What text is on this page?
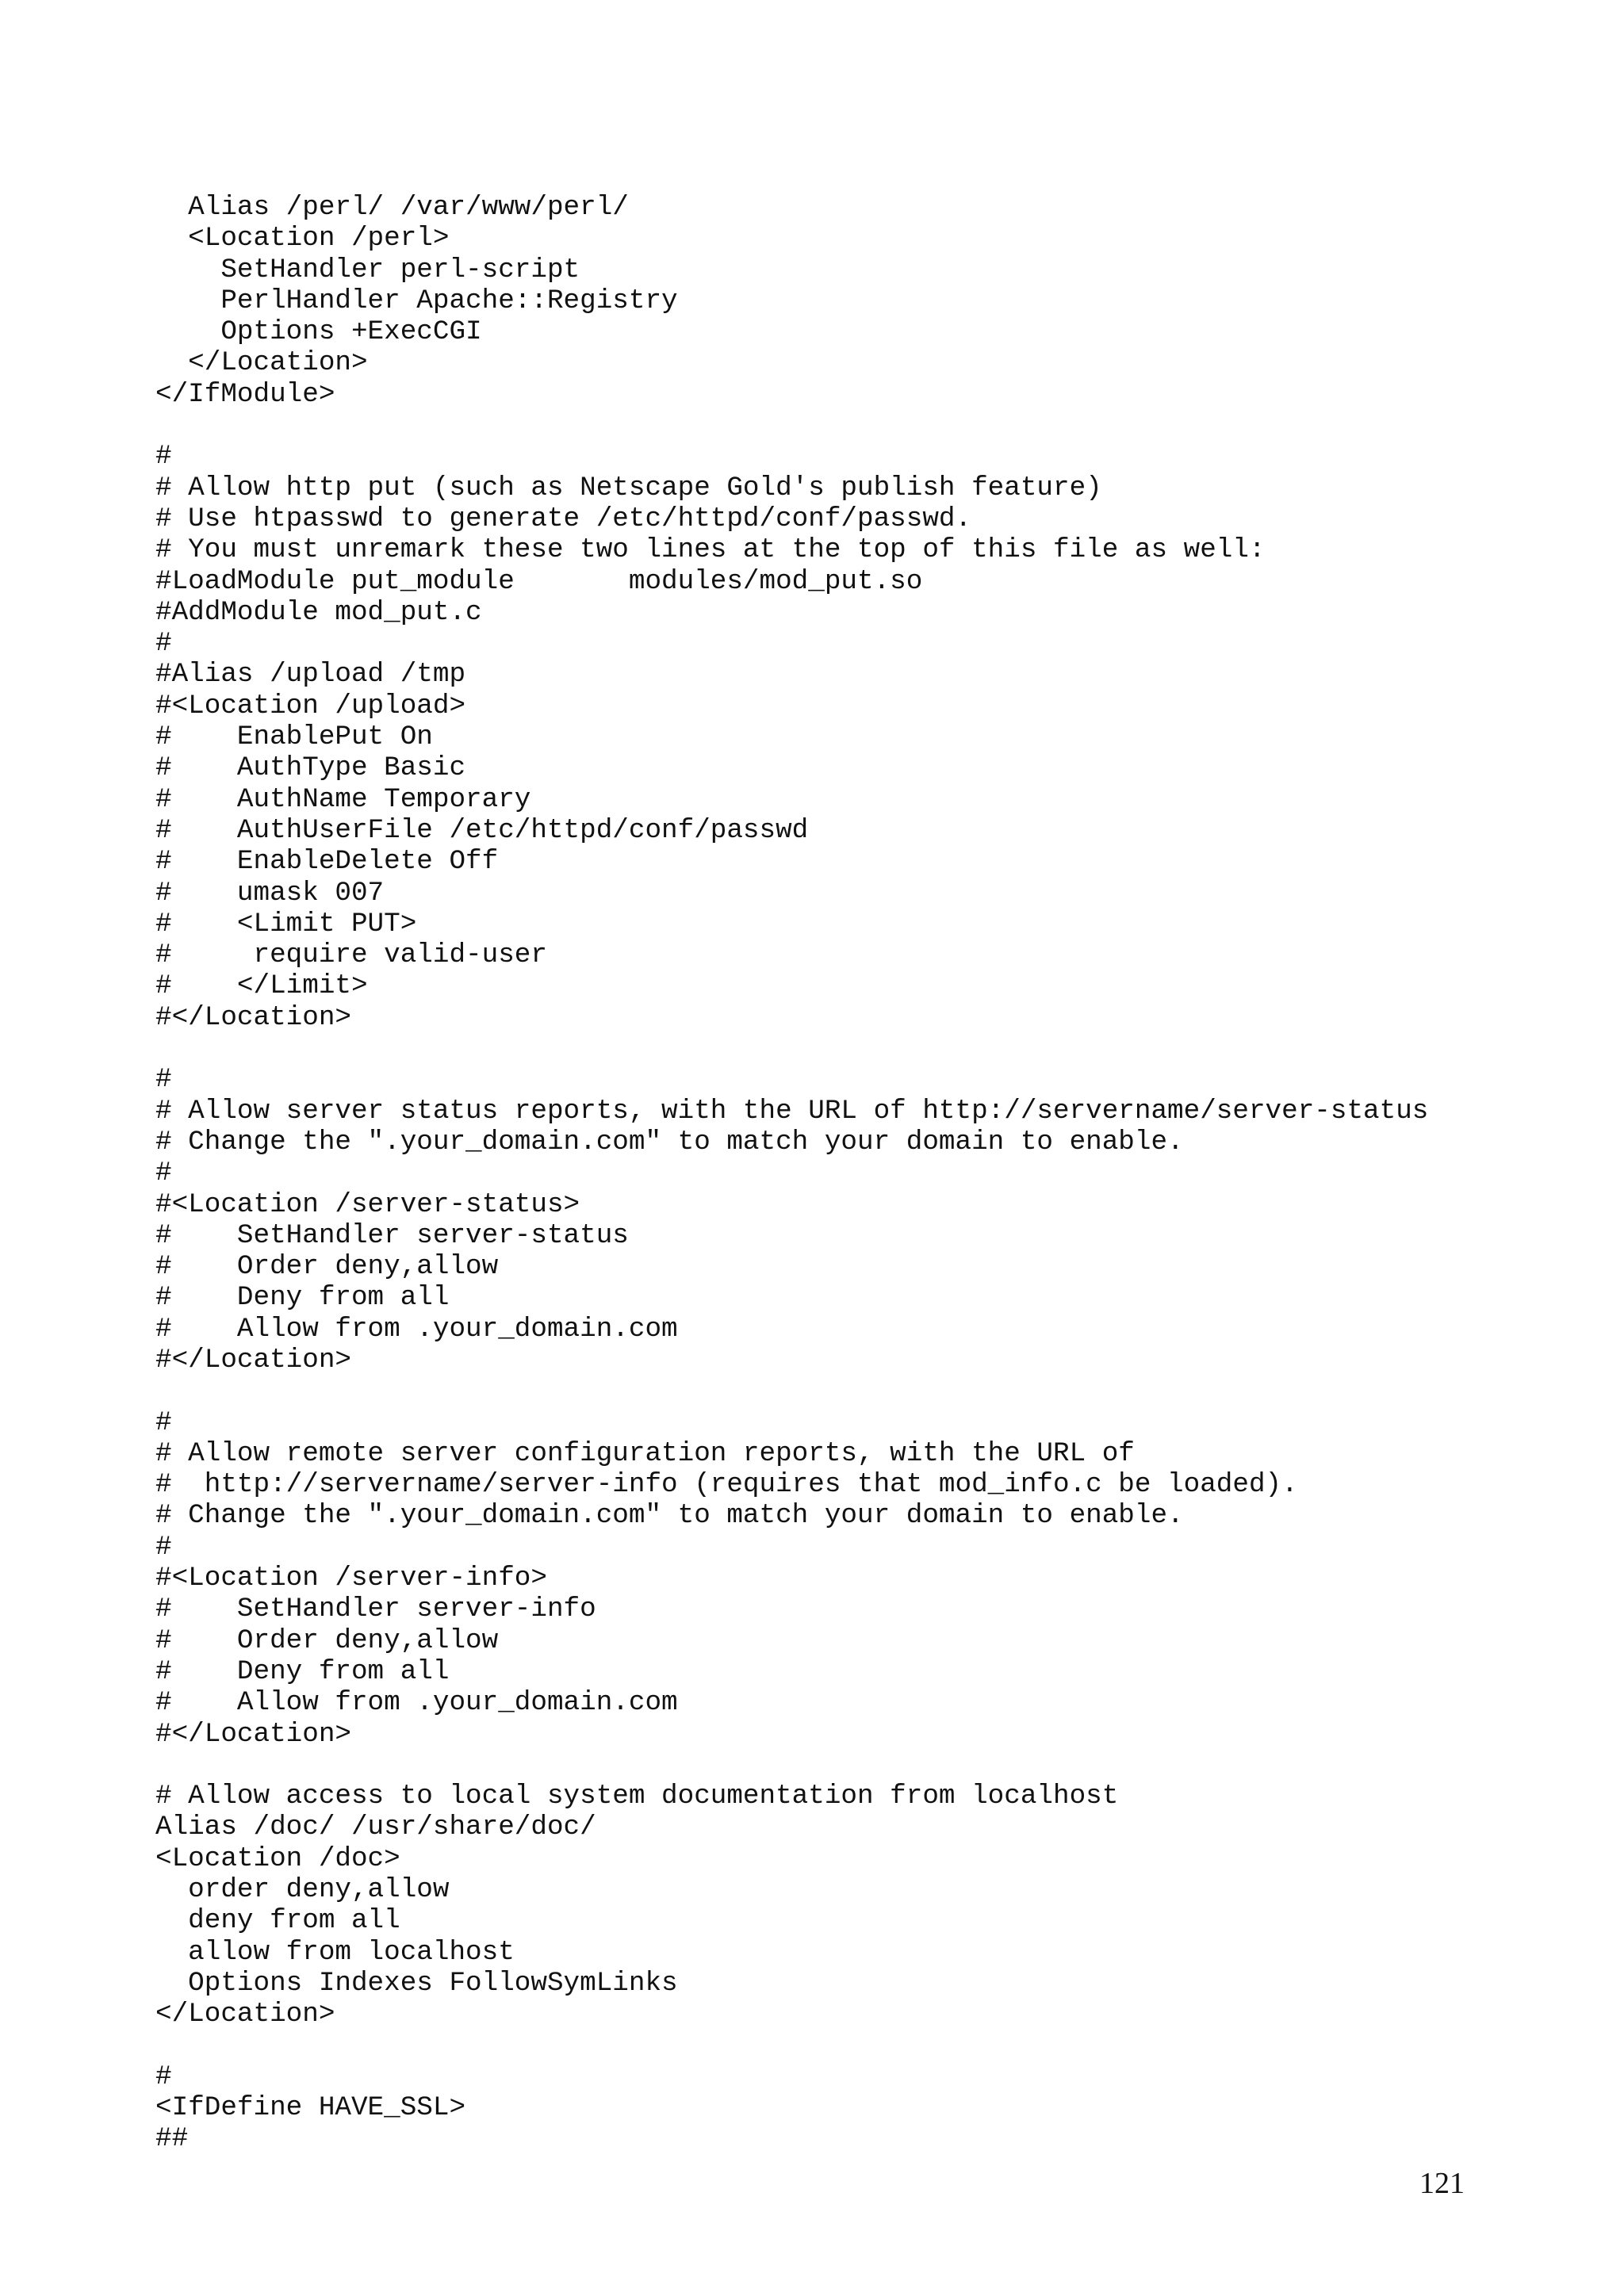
Alias /perl/ /var/www/perl/
<Location /perl>
SetHandler perl-script
PerlHandler Apache::Registry
Options +ExecCGI
</Location>
</IfModule>
#
# Allow http put (such as Netscape Gold's publish feature)
# Use htpasswd to generate /etc/httpd/conf/passwd.
# You must unremark these two lines at the top of this file as well:
#LoadModule put_module       modules/mod_put.so
#AddModule mod_put.c
#
#Alias /upload /tmp
#<Location /upload>
#    EnablePut On
#    AuthType Basic
#    AuthName Temporary
#    AuthUserFile /etc/httpd/conf/passwd
#    EnableDelete Off
#    umask 007
#    <Limit PUT>
#     require valid-user
#    </Limit>
#</Location>
#
# Allow server status reports, with the URL of http://servername/server-status
# Change the ".your_domain.com" to match your domain to enable.
#
#<Location /server-status>
#    SetHandler server-status
#    Order deny,allow
#    Deny from all
#    Allow from .your_domain.com
#</Location>
#
# Allow remote server configuration reports, with the URL of
#  http://servername/server-info (requires that mod_info.c be loaded).
# Change the ".your_domain.com" to match your domain to enable.
#
#<Location /server-info>
#    SetHandler server-info
#    Order deny,allow
#    Deny from all
#    Allow from .your_domain.com
#</Location>
# Allow access to local system documentation from localhost
Alias /doc/ /usr/share/doc/
<Location /doc>
order deny,allow
deny from all
allow from localhost
Options Indexes FollowSymLinks
</Location>
#
<IfDefine HAVE_SSL>
##
121
